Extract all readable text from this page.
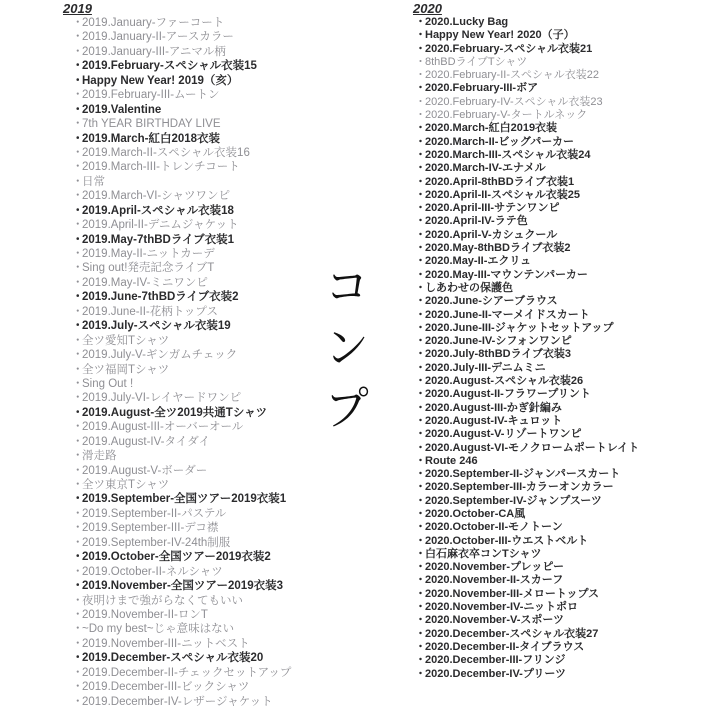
2019
・
2019.January-ファーコート
・
2019.January-II-アースカラー
・
2019.January-III-アニマル柄
・
2019.February-スペシャル衣装15
・
Happy New Year! 2019（亥）
・
2019.February-III-ムートン
・
2019.Valentine
・
7th YEAR BIRTHDAY LIVE
・
2019.March-紅白2018衣装
・
2019.March-II-スペシャル衣装16
・
2019.March-III-トレンチコート
・
日常
・
2019.March-VI-シャツワンピ
・
2019.April-スペシャル衣装18
・
2019.April-II-デニムジャケット
・
2019.May-7thBDライブ衣装1
・
2019.May-II-ニットカーデ
・
Sing out!発売記念ライブT
・
2019.May-IV-ミニワンピ
・
2019.June-7thBDライブ衣装2
・
2019.June-II-花柄トップス
・
2019.July-スペシャル衣装19
・
全ツ愛知Tシャツ
・
2019.July-V-ギンガムチェック
・
全ツ福岡Tシャツ
・
Sing Out !
・
2019.July-VI-レイヤードワンピ
・
2019.August-全ツ2019共通Tシャツ
・
2019.August-III-オーバーオール
・
2019.August-IV-タイダイ
・
滑走路
・
2019.August-V-ボーダー
・
全ツ東京Tシャツ
・
2019.September-全国ツアー2019衣装1
・
2019.September-II-パステル
・
2019.September-III-デコ襟
・
2019.September-IV-24th制服
・
2019.October-全国ツアー2019衣装2
・
2019.October-II-ネルシャツ
・
2019.November-全国ツアー2019衣装3
・
夜明けまで強がらなくてもいい
・
2019.November-II-ロンT
・
~Do my best~じゃ意味はない
・
2019.November-III-ニットベスト
・
2019.December-スペシャル衣装20
・
2019.December-II-チェックセットアップ
・
2019.December-III-ビックシャツ
・
2019.December-IV-レザージャケット
コンプ
2020
・ 2020.Lucky Bag
・ Happy New Year! 2020（子）
・ 2020.February-スペシャル衣装21
・ 8thBDライブTシャツ
・ 2020.February-II-スペシャル衣装22
・ 2020.February-III-ボア
・ 2020.February-IV-スペシャル衣装23
・ 2020.February-V-タートルネック
・ 2020.March-紅白2019衣装
・ 2020.March-II-ビッグパーカー
・ 2020.March-III-スペシャル衣装24
・ 2020.March-IV-エナメル
・ 2020.April-8thBDライブ衣装1
・ 2020.April-II-スペシャル衣装25
・ 2020.April-III-サテンワンピ
・ 2020.April-IV-ラテ色
・ 2020.April-V-カシュクール
・ 2020.May-8thBDライブ衣装2
・ 2020.May-II-エクリュ
・ 2020.May-III-マウンテンパーカー
・ しあわせの保護色
・ 2020.June-シアーブラウス
・ 2020.June-II-マーメイドスカート
・ 2020.June-III-ジャケットセットアップ
・ 2020.June-IV-シフォンワンピ
・ 2020.July-8thBDライブ衣装3
・ 2020.July-III-デニムミニ
・ 2020.August-スペシャル衣装26
・ 2020.August-II-フラワープリント
・ 2020.August-III-かぎ針編み
・ 2020.August-IV-キュロット
・ 2020.August-V-リゾートワンピ
・ 2020.August-VI-モノクロームポートレイト
・ Route 246
・ 2020.September-II-ジャンパースカート
・ 2020.September-III-カラーオンカラー
・ 2020.September-IV-ジャンプスーツ
・ 2020.October-CA風
・ 2020.October-II-モノトーン
・ 2020.October-III-ウエストベルト
・ 白石麻衣卒コンTシャツ
・ 2020.November-プレッピー
・ 2020.November-II-スカーフ
・ 2020.November-III-メロートップス
・ 2020.November-IV-ニットポロ
・ 2020.November-V-スポーツ
・ 2020.December-スペシャル衣装27
・ 2020.December-II-タイブラウス
・ 2020.December-III-フリンジ
・ 2020.December-IV-プリーツ
